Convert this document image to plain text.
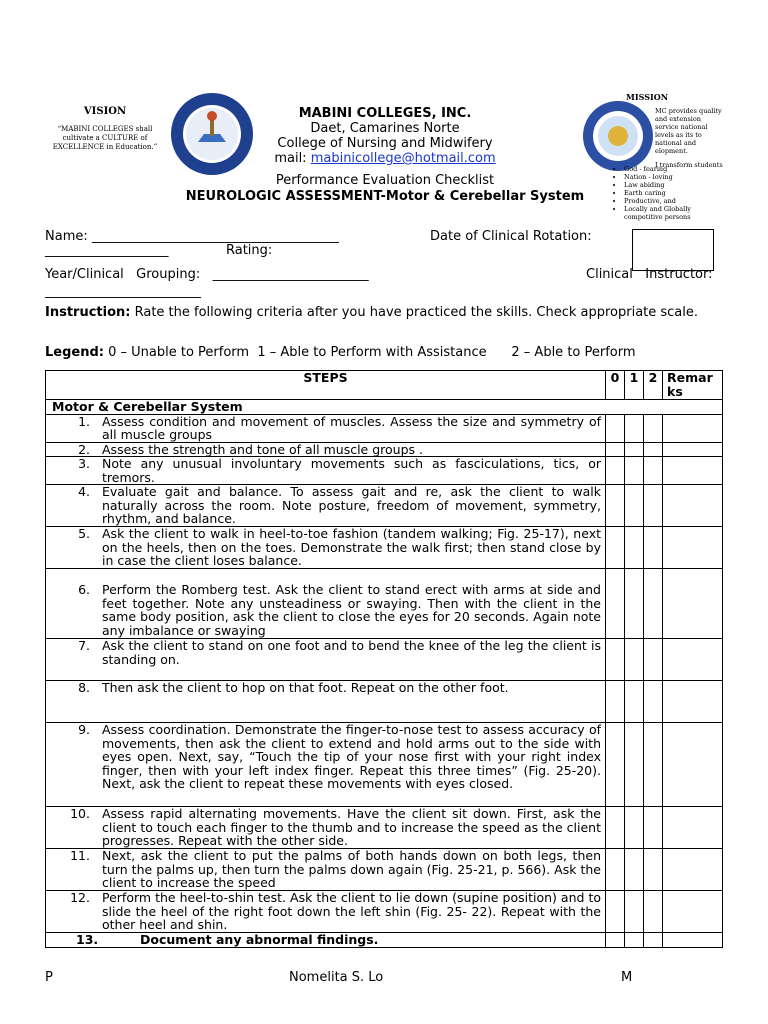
VISION
“MABINI COLLEGES shall cultivate a CULTURE of EXCELLENCE in Education.”
MABINI COLLEGES, INC.
Daet, Camarines Norte
College of Nursing and Midwifery
mail: mabinicollege@hotmail.com
MISSION
MC provides quality and extension service national levels as its to national and elopment.
I transform students
• God - fearing
• Nation - loving
• Law abiding
• Earth caring
• Productive, and
• Locally and Globally competitive persons
Performance Evaluation Checklist
NEUROLOGIC ASSESSMENT-Motor & Cerebellar System
Name: ______________________________________	Date of Clinical Rotation:
___________________	Rating:
Year/Clinical   Grouping:   ________________________	Clinical   Instructor:
________________________
Instruction: Rate the following criteria after you have practiced the skills. Check appropriate scale.
Legend: 0 – Unable to Perform  1 – Able to Perform with Assistance      2 – Able to Perform
STEPS	0	1	2	Remarks
Motor & Cerebellar System				
1. Assess condition and movement of muscles. Assess the size and symmetry of all muscle groups				

2. Assess the strength and tone of all muscle groups .				

3. Note any unusual involuntary movements such as fasciculations, tics, or tremors.				

4. Evaluate gait and balance. To assess gait and re, ask the client to walk naturally across the room. Note posture, freedom of movement, symmetry, rhythm, and balance.				

5. Ask the client to walk in heel-to-toe fashion (tandem walking; Fig. 25-17), next on the heels, then on the toes. Demonstrate the walk first; then stand close by in case the client loses balance.				

6. Perform the Romberg test. Ask the client to stand erect with arms at side and feet together. Note any unsteadiness or swaying. Then with the client in the same body position, ask the client to close the eyes for 20 seconds. Again note any imbalance or swaying				

7. Ask the client to stand on one foot and to bend the knee of the leg the client is standing on.				

8. Then ask the client to hop on that foot. Repeat on the other foot.				

9. Assess coordination. Demonstrate the finger-to-nose test to assess accuracy of movements, then ask the client to extend and hold arms out to the side with eyes open. Next, say, “Touch the tip of your nose first with your right index finger, then with your left index finger. Repeat this three times” (Fig. 25-20). Next, ask the client to repeat these movements with eyes closed.				

10. Assess rapid alternating movements. Have the client sit down. First, ask the client to touch each finger to the thumb and to increase the speed as the client progresses. Repeat with the other side.				

11. Next, ask the client to put the palms of both hands down on both legs, then turn the palms up, then turn the palms down again (Fig. 25-21, p. 566). Ask the client to increase the speed				

12. Perform the heel-to-shin test. Ask the client to lie down (supine position) and to slide the heel of the right foot down the left shin (Fig. 25- 22). Repeat with the other heel and shin.				

13. Document any abnormal findings.				
P	Nomelita S. Lo	M
